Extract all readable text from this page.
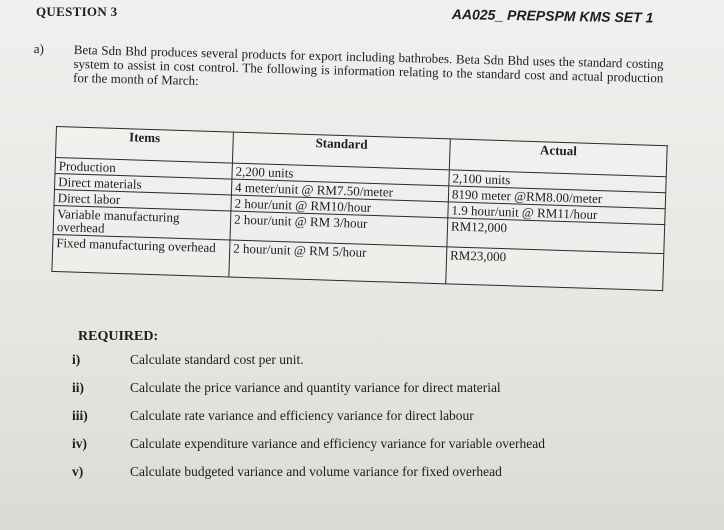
QUESTION 3	AA025_ PREPSPM KMS SET 1
a) Beta Sdn Bhd produces several products for export including bathrobes. Beta Sdn Bhd uses the standard costing system to assist in cost control. The following is information relating to the standard cost and actual production for the month of March:
Items	Standard	Actual
Production	2,200 units	2,100 units
Direct materials	4 meter/unit @ RM7.50/meter	8190 meter @RM8.00/meter
Direct labor	2 hour/unit @ RM10/hour	1.9 hour/unit @ RM11/hour
Variable manufacturing overhead	2 hour/unit @ RM 3/hour	RM12,000
Fixed manufacturing overhead	2 hour/unit @ RM 5/hour	RM23,000
REQUIRED:
i)	Calculate standard cost per unit.
ii)	Calculate the price variance and quantity variance for direct material
iii)	Calculate rate variance and efficiency variance for direct labour
iv)	Calculate expenditure variance and efficiency variance for variable overhead
v)	Calculate budgeted variance and volume variance for fixed overhead
